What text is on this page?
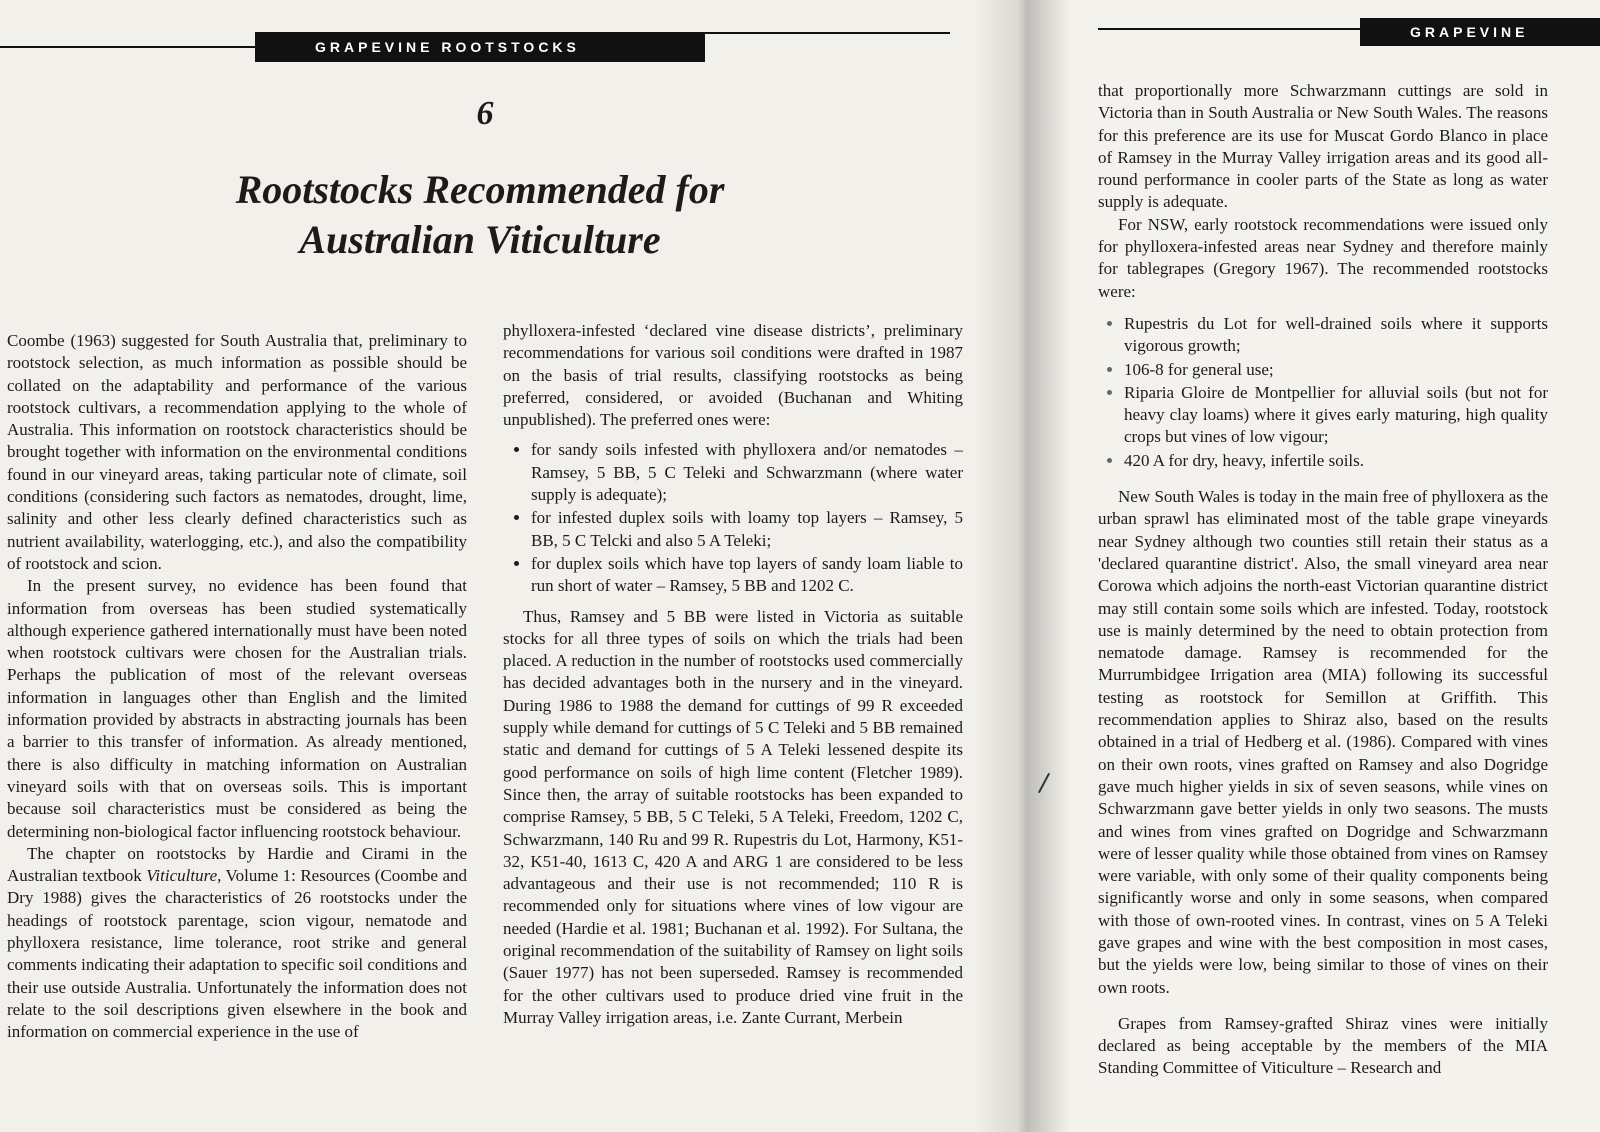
GRAPEVINE ROOTSTOCKS
6
Rootstocks Recommended for
Australian Viticulture

Coombe (1963) suggested for South Australia that, preliminary to rootstock selection, as much information as possible should be collated on the adaptability and performance of the various rootstock cultivars, a recommendation applying to the whole of Australia. This information on rootstock characteristics should be brought together with information on the environmental conditions found in our vineyard areas, taking particular note of climate, soil conditions (considering such factors as nematodes, drought, lime, salinity and other less clearly defined characteristics such as nutrient availability, waterlogging, etc.), and also the compatibility of rootstock and scion.

In the present survey, no evidence has been found that information from overseas has been studied systematically although experience gathered internationally must have been noted when rootstock cultivars were chosen for the Australian trials. Perhaps the publication of most of the relevant overseas information in languages other than English and the limited information provided by abstracts in abstracting journals has been a barrier to this transfer of information. As already mentioned, there is also difficulty in matching information on Australian vineyard soils with that on overseas soils. This is important because soil characteristics must be considered as being the determining non-biological factor influencing rootstock behaviour.

The chapter on rootstocks by Hardie and Cirami in the Australian textbook Viticulture, Volume 1: Resources (Coombe and Dry 1988) gives the characteristics of 26 rootstocks under the headings of rootstock parentage, scion vigour, nematode and phylloxera resistance, lime tolerance, root strike and general comments indicating their adaptation to specific soil conditions and their use outside Australia. Unfortunately the information does not relate to the soil descriptions given elsewhere in the book and information on commercial experience in the use of

phylloxera-infested ‘declared vine disease districts’, preliminary recommendations for various soil conditions were drafted in 1987 on the basis of trial results, classifying rootstocks as being preferred, considered, or avoided (Buchanan and Whiting unpublished). The preferred ones were:

• for sandy soils infested with phylloxera and/or nematodes – Ramsey, 5 BB, 5 C Teleki and Schwarzmann (where water supply is adequate);
• for infested duplex soils with loamy top layers – Ramsey, 5 BB, 5 C Telcki and also 5 A Teleki;
• for duplex soils which have top layers of sandy loam liable to run short of water – Ramsey, 5 BB and 1202 C.

Thus, Ramsey and 5 BB were listed in Victoria as suitable stocks for all three types of soils on which the trials had been placed. A reduction in the number of rootstocks used commercially has decided advantages both in the nursery and in the vineyard. During 1986 to 1988 the demand for cuttings of 99 R exceeded supply while demand for cuttings of 5 C Teleki and 5 BB remained static and demand for cuttings of 5 A Teleki lessened despite its good performance on soils of high lime content (Fletcher 1989). Since then, the array of suitable rootstocks has been expanded to comprise Ramsey, 5 BB, 5 C Teleki, 5 A Teleki, Freedom, 1202 C, Schwarzmann, 140 Ru and 99 R. Rupestris du Lot, Harmony, K51-32, K51-40, 1613 C, 420 A and ARG 1 are considered to be less advantageous and their use is not recommended; 110 R is recommended only for situations where vines of low vigour are needed (Hardie et al. 1981; Buchanan et al. 1992). For Sultana, the original recommendation of the suitability of Ramsey on light soils (Sauer 1977) has not been superseded. Ramsey is recommended for the other cultivars used to produce dried vine fruit in the Murray Valley irrigation areas, i.e. Zante Currant, Merbein

GRAPEVINE

that proportionally more Schwarzmann cuttings are sold in Victoria than in South Australia or New South Wales. The reasons for this preference are its use for Muscat Gordo Blanco in place of Ramsey in the Murray Valley irrigation areas and its good all-round performance in cooler parts of the State as long as water supply is adequate.

For NSW, early rootstock recommendations were issued only for phylloxera-infested areas near Sydney and therefore mainly for tablegrapes (Gregory 1967). The recommended rootstocks were:

• Rupestris du Lot for well-drained soils where it supports vigorous growth;
• 106-8 for general use;
• Riparia Gloire de Montpellier for alluvial soils (but not for heavy clay loams) where it gives early maturing, high quality crops but vines of low vigour;
• 420 A for dry, heavy, infertile soils.

New South Wales is today in the main free of phylloxera as the urban sprawl has eliminated most of the table grape vineyards near Sydney although two counties still retain their status as a 'declared quarantine district'. Also, the small vineyard area near Corowa which adjoins the north-east Victorian quarantine district may still contain some soils which are infested. Today, rootstock use is mainly determined by the need to obtain protection from nematode damage. Ramsey is recommended for the Murrumbidgee Irrigation area (MIA) following its successful testing as rootstock for Semillon at Griffith. This recommendation applies to Shiraz also, based on the results obtained in a trial of Hedberg et al. (1986). Compared with vines on their own roots, vines grafted on Ramsey and also Dogridge gave much higher yields in six of seven seasons, while vines on Schwarzmann gave better yields in only two seasons. The musts and wines from vines grafted on Dogridge and Schwarzmann were of lesser quality while those obtained from vines on Ramsey were variable, with only some of their quality components being significantly worse and only in some seasons, when compared with those of own-rooted vines. In contrast, vines on 5 A Teleki gave grapes and wine with the best composition in most cases, but the yields were low, being similar to those of vines on their own roots.

Grapes from Ramsey-grafted Shiraz vines were initially declared as being acceptable by the members of the MIA Standing Committee of Viticulture – Research and
